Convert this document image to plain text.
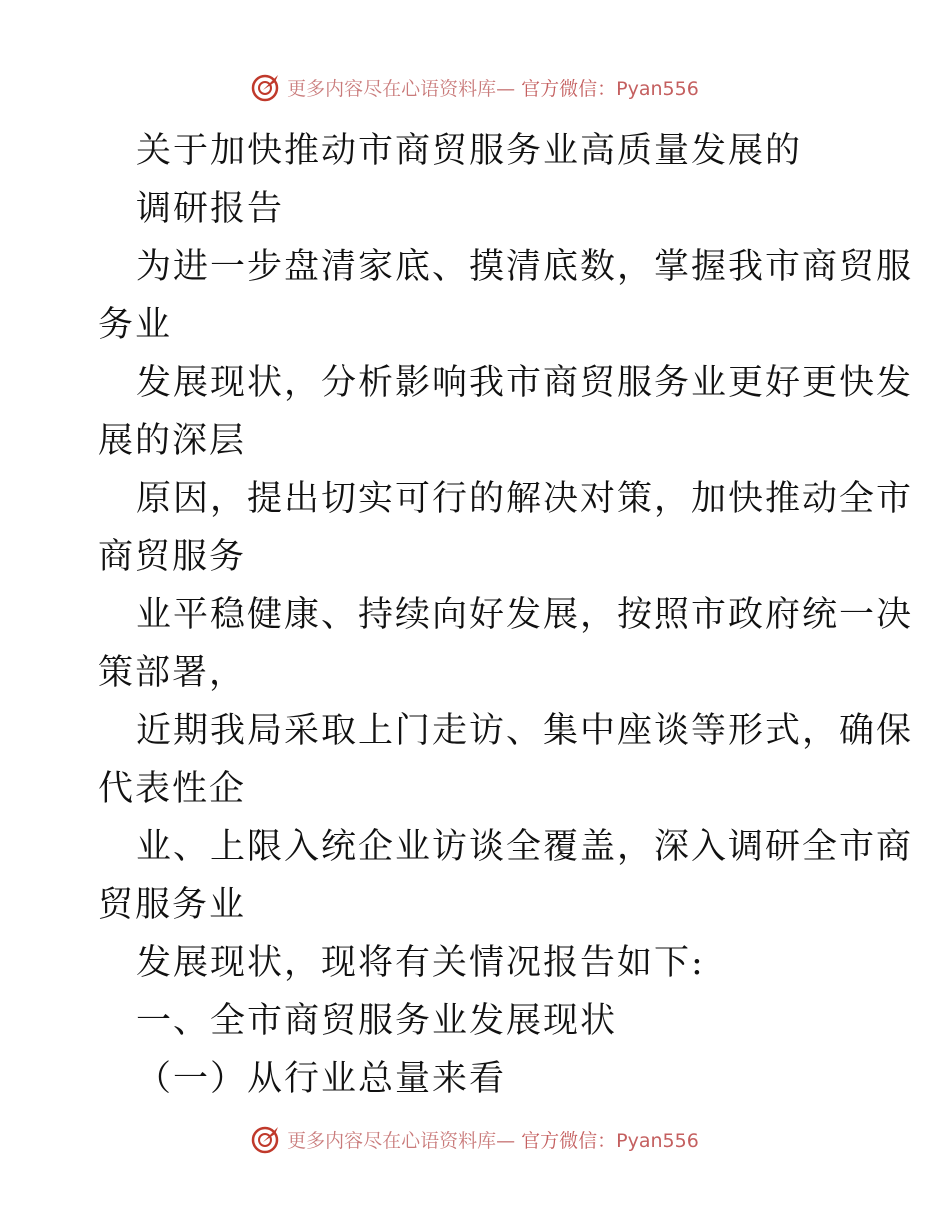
更多内容尽在心语资料库— 官方微信：Pyan556

关于加快推动市商贸服务业高质量发展的

调研报告

为进一步盘清家底、摸清底数，掌握我市商贸服

务业

发展现状，分析影响我市商贸服务业更好更快发

展的深层

原因，提出切实可行的解决对策，加快推动全市

商贸服务

业平稳健康、持续向好发展，按照市政府统一决

策部署，

近期我局采取上门走访、集中座谈等形式，确保

代表性企

业、上限入统企业访谈全覆盖，深入调研全市商

贸服务业

发展现状，现将有关情况报告如下:

一、全市商贸服务业发展现状

（一）从行业总量来看

更多内容尽在心语资料库— 官方微信：Pyan556
